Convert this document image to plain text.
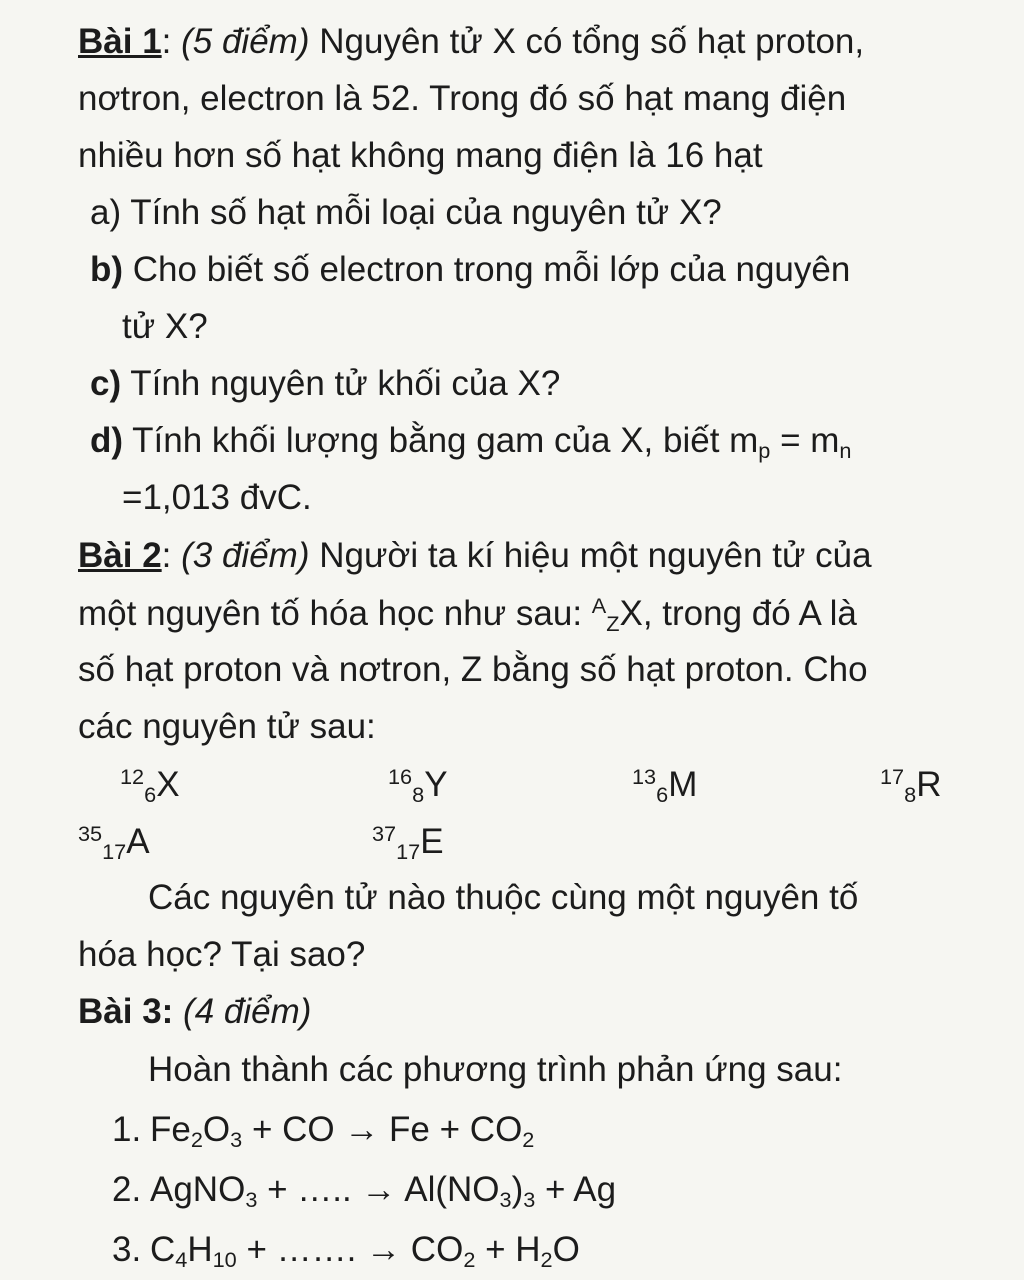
Bài 1: (5 điểm) Nguyên tử X có tổng số hạt proton,
nơtron, electron là 52. Trong đó số hạt mang điện
nhiều hơn số hạt không mang điện là 16 hạt
a) Tính số hạt mỗi loại của nguyên tử X?
b) Cho biết số electron trong mỗi lớp của nguyên
tử X?
c) Tính nguyên tử khối của X?
d) Tính khối lượng bằng gam của X, biết $m_p = m_n$
=1,013 đvC.
Bài 2: (3 điểm) Người ta kí hiệu một nguyên tử của
một nguyên tố hóa học như sau: $^A_Z$X, trong đó A là
số hạt proton và nơtron, Z bằng số hạt proton. Cho
các nguyên tử sau:
$^{12}_6$X	$^{16}_8$Y	$^{13}_6$M	$^{17}_8$R
$^{35}_{17}$A	$^{37}_{17}$E
Các nguyên tử nào thuộc cùng một nguyên tố
hóa học? Tại sao?
Bài 3: (4 điểm)
Hoàn thành các phương trình phản ứng sau:
1. $Fe_2O_3$ + CO → $Fe + CO_2$
2. AgNO$_3$ + ….. → $Al(NO_3)_3 + Ag$
3. $C_4H_{10}$ + ……. → $CO_2 + H_2O$
